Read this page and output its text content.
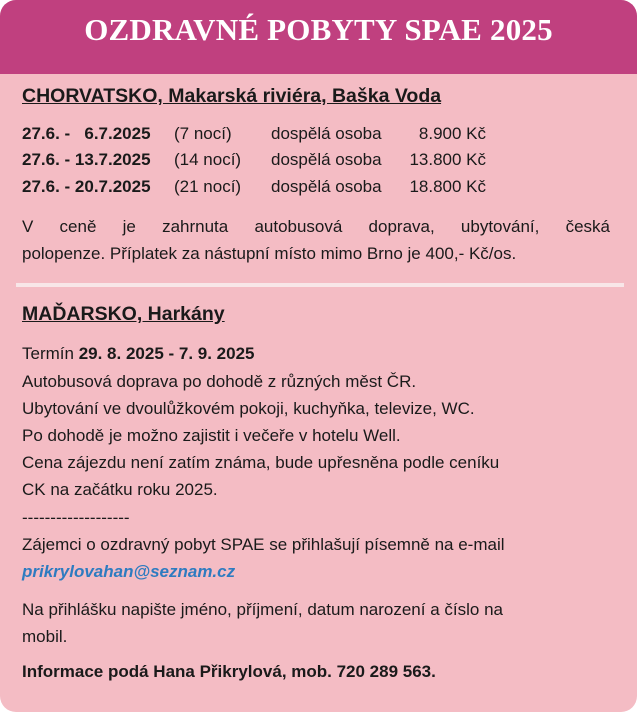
OZDRAVNÉ POBYTY SPAE 2025
CHORVATSKO, Makarská riviéra, Baška Voda
27.6. -   6.7.2025 (7 nocí) dospělá osoba 8.900 Kč
27.6. - 13.7.2025 (14 nocí) dospělá osoba 13.800 Kč
27.6. - 20.7.2025 (21 nocí) dospělá osoba 18.800 Kč
V ceně je zahrnuta autobusová doprava, ubytování, česká
polopenze. Příplatek za nástupní místo mimo Brno je 400,- Kč/os.
MAĎARSKO, Harkány
Termín 29. 8. 2025 - 7. 9. 2025
Autobusová doprava po dohodě z různých měst ČR.
Ubytování ve dvoulůžkovém pokoji, kuchyňka, televize, WC.
Po dohodě je možno zajistit i večeře v hotelu Well.
Cena zájezdu není zatím známa, bude upřesněna podle ceníku
CK na začátku roku 2025.
-------------------
Zájemci o ozdravný pobyt SPAE se přihlašují písemně na e-mail
prikrylovahan@seznam.cz
Na přihlášku napište jméno, příjmení, datum narození a číslo na
mobil.
Informace podá Hana Přikrylová, mob. 720 289 563.
